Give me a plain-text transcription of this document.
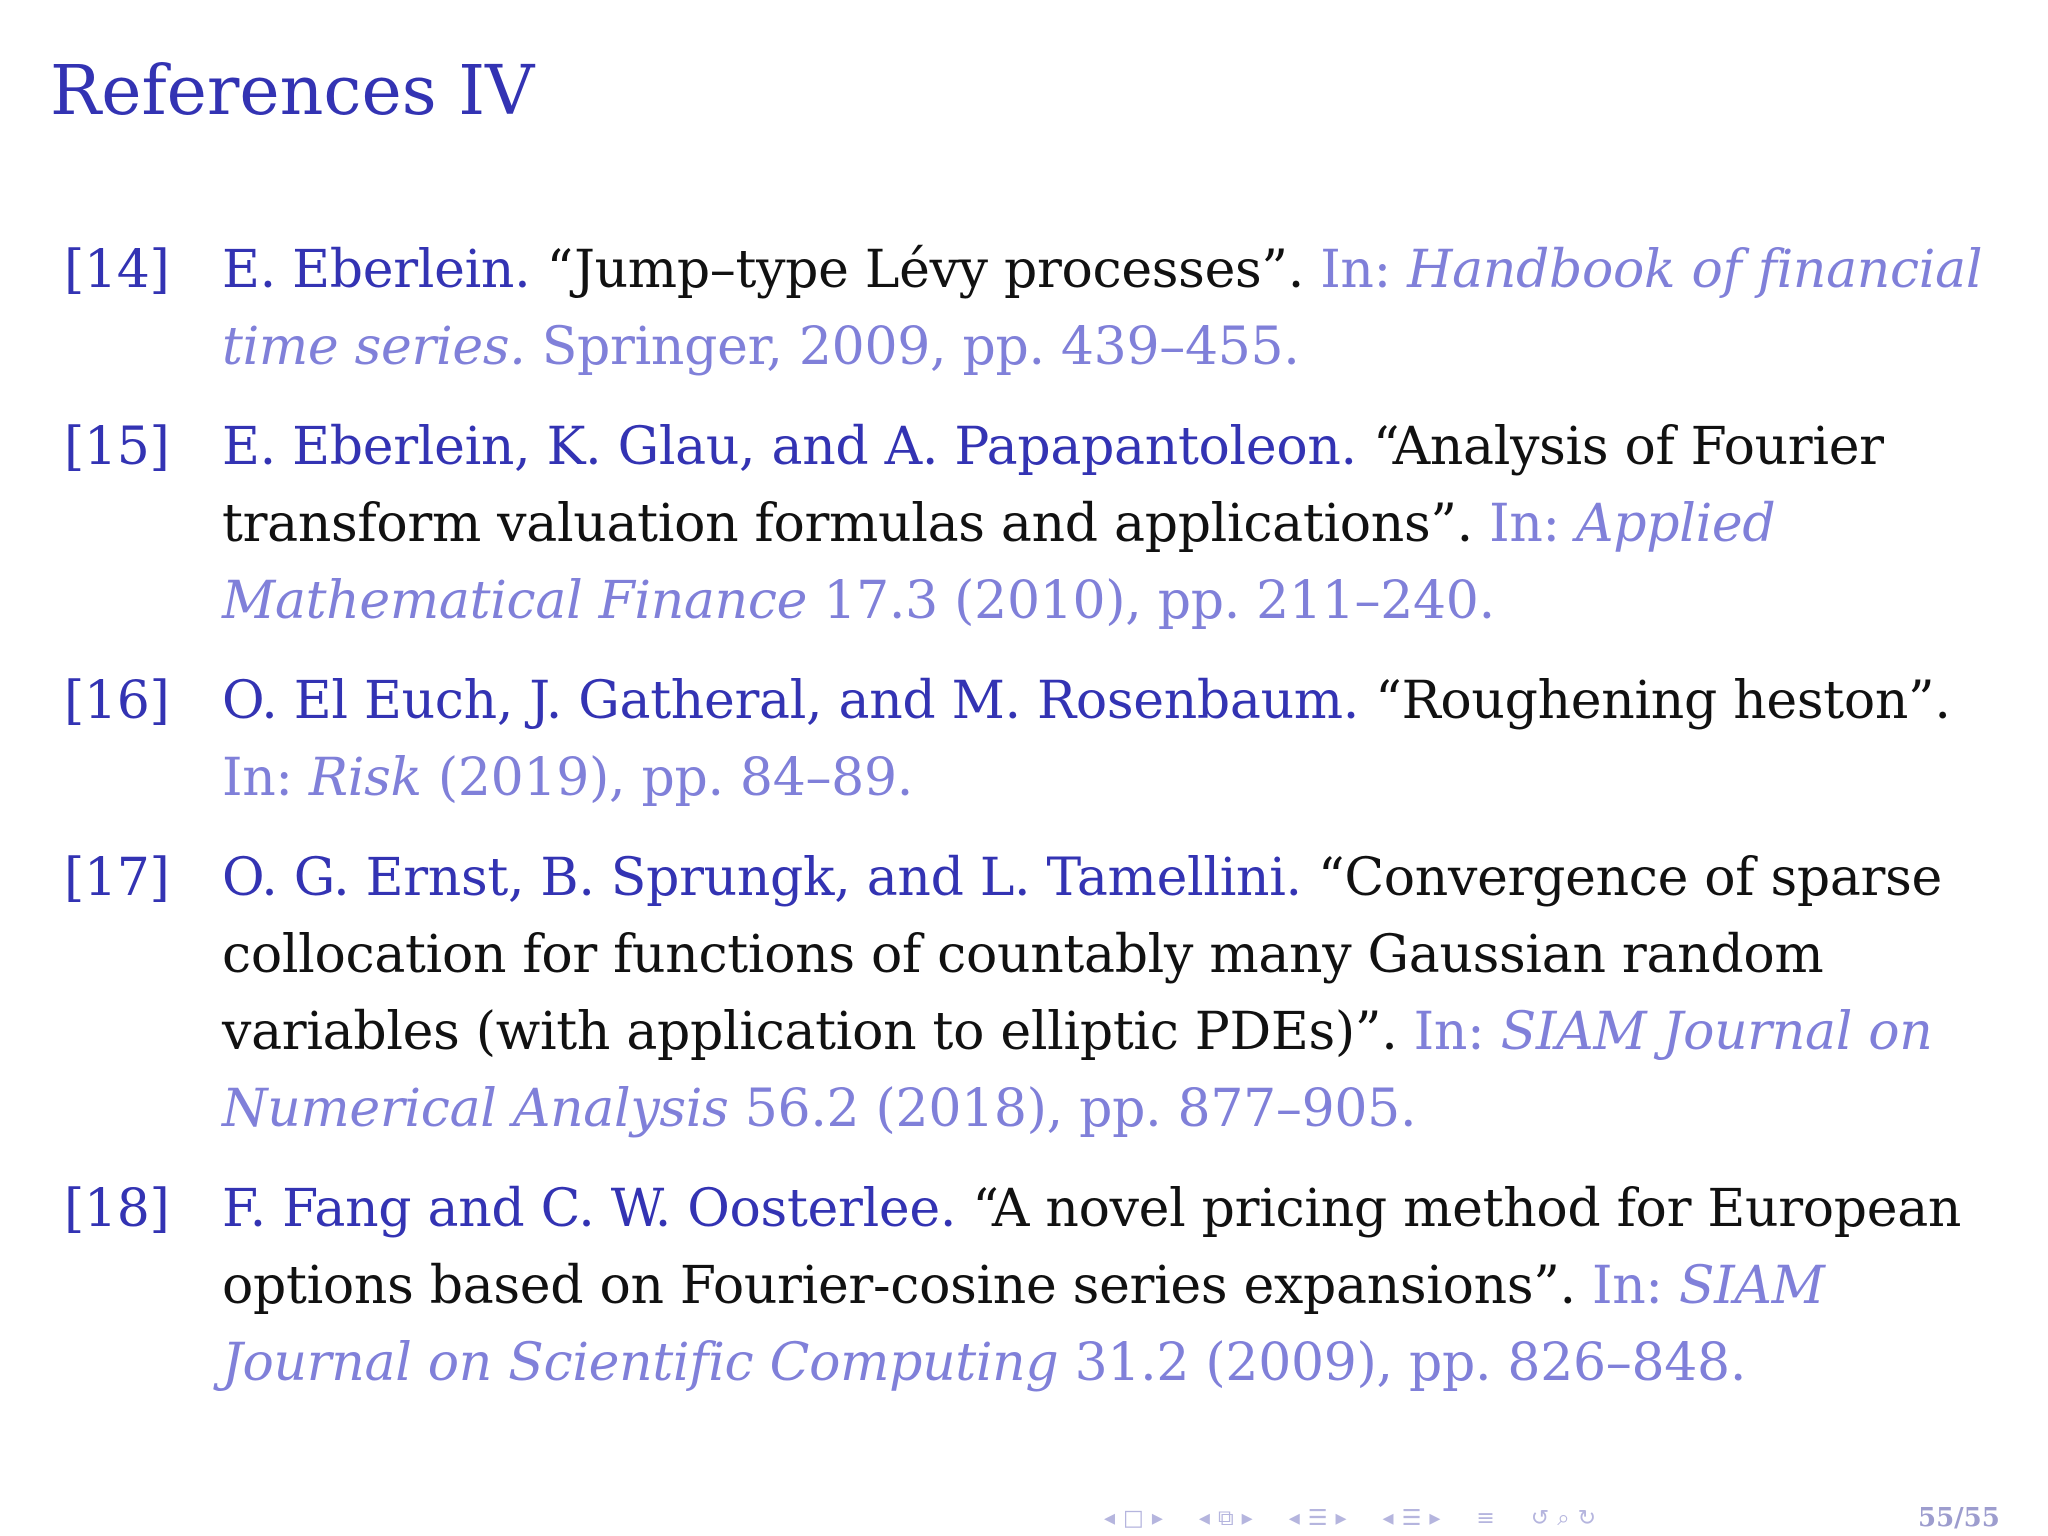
References IV
[14] E. Eberlein. “Jump–type Lévy processes”. In: Handbook of financial time series. Springer, 2009, pp. 439–455.
[15] E. Eberlein, K. Glau, and A. Papapantoleon. “Analysis of Fourier transform valuation formulas and applications”. In: Applied Mathematical Finance 17.3 (2010), pp. 211–240.
[16] O. El Euch, J. Gatheral, and M. Rosenbaum. “Roughening heston”. In: Risk (2019), pp. 84–89.
[17] O. G. Ernst, B. Sprungk, and L. Tamellini. “Convergence of sparse collocation for functions of countably many Gaussian random variables (with application to elliptic PDEs)”. In: SIAM Journal on Numerical Analysis 56.2 (2018), pp. 877–905.
[18] F. Fang and C. W. Oosterlee. “A novel pricing method for European options based on Fourier-cosine series expansions”. In: SIAM Journal on Scientific Computing 31.2 (2009), pp. 826–848.
◂ □ ▸ ◂ ⧉ ▸ ◂ ☰ ▸ ◂ ☰ ▸ ≡ ↺ ⌕ ↻	55/55
